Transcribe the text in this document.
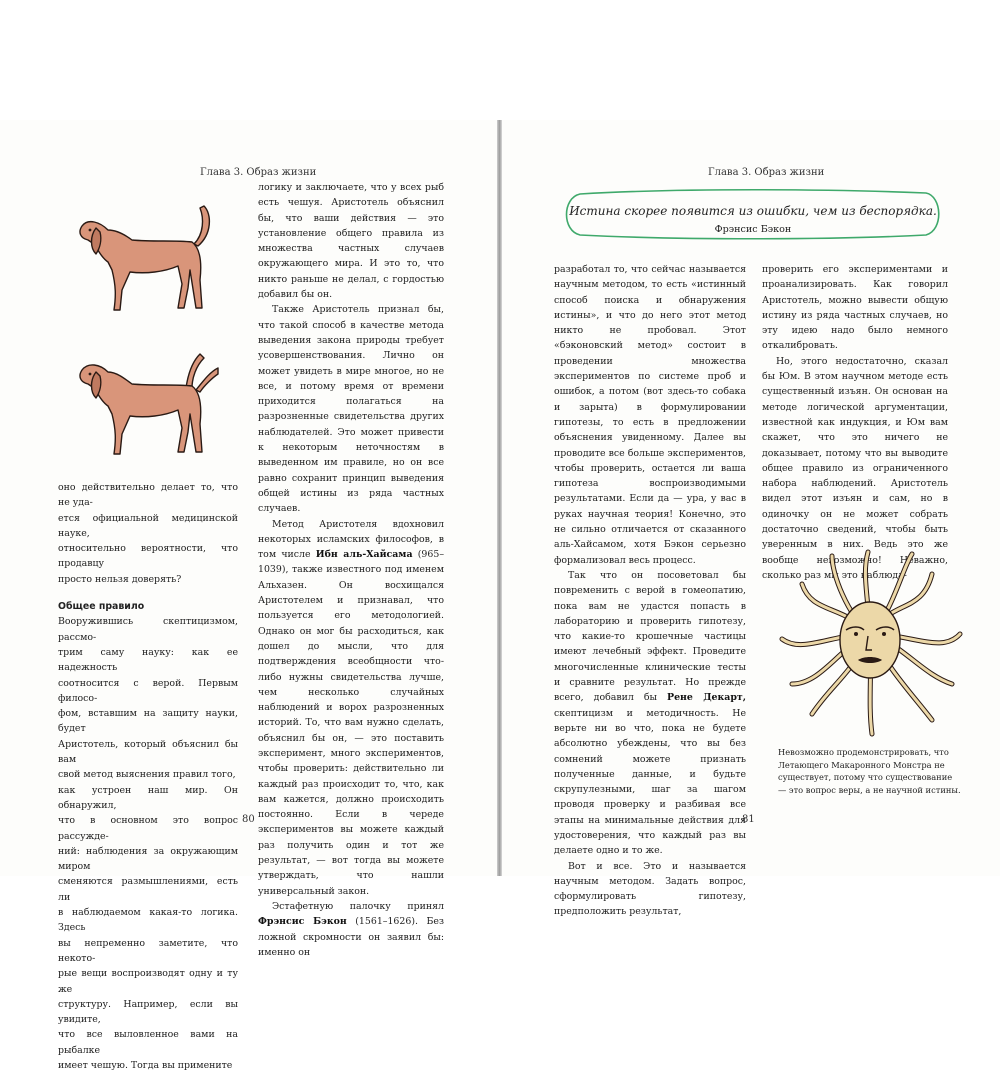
Глава 3. Образ жизни
оно действительно делает то, что не уда-
ется официальной медицинской науке,
относительно вероятности, что продавцу
просто нельзя доверять?
Общее правило
Вооружившись скептицизмом, рассмо-
трим саму науку: как ее надежность
соотносится с верой. Первым филосо-
фом, вставшим на защиту науки, будет
Аристотель, который объяснил бы вам
свой метод выяснения правил того,
как устроен наш мир. Он обнаружил,
что в основном это вопрос рассужде-
ний: наблюдения за окружающим миром
сменяются размышлениями, есть ли
в наблюдаемом какая-то логика. Здесь
вы непременно заметите, что некото-
рые вещи воспроизводят одну и ту же
структуру. Например, если вы увидите,
что все выловленное вами на рыбалке
имеет чешую. Тогда вы примените

логику и заключаете, что у всех рыб есть чешуя. Аристотель объяснил бы, что ваши действия — это установление общего правила из множества частных случаев окружающего мира. И это то, что никто раньше не делал, с гордостью добавил бы он.

Также Аристотель признал бы, что такой способ в качестве метода выведения закона природы требует усовершенствования. Лично он может увидеть в мире многое, но не все, и потому время от времени приходится полагаться на разрозненные свидетельства других наблюдателей. Это может привести к некоторым неточностям в выведенном им правиле, но он все равно сохранит принцип выведения общей истины из ряда частных случаев.

Метод Аристотеля вдохновил некоторых исламских философов, в том числе Ибн аль-Хайсама (965–1039), также известного под именем Альхазен. Он восхищался Аристотелем и признавал, что пользуется его методологией. Однако он мог бы расходиться, как дошел до мысли, что для подтверждения всеобщности что-либо нужны свидетельства лучше, чем несколько случайных наблюдений и ворох разрозненных историй. То, что вам нужно сделать, объяснил бы он, — это поставить эксперимент, много экспериментов, чтобы проверить: действительно ли каждый раз происходит то, что, как вам кажется, должно происходить постоянно. Если в череде экспериментов вы можете каждый раз получить один и тот же результат, — вот тогда вы можете утверждать, что нашли универсальный закон.

Эстафетную палочку принял Фрэнсис Бэкон (1561–1626). Без ложной скромности он заявил бы: именно он

80
Глава 3. Образ жизни
Истина скорее появится из ошибки, чем из беспорядка.
Фрэнсис Бэкон

разработал то, что сейчас называется научным методом, то есть «истинный способ поиска и обнаружения истины», и что до него этот метод никто не пробовал. Этот «бэконовский метод» состоит в проведении множества экспериментов по системе проб и ошибок, а потом (вот здесь-то собака и зарыта) в формулировании гипотезы, то есть в предложении объяснения увиденному. Далее вы проводите все больше экспериментов, чтобы проверить, остается ли ваша гипотеза воспроизводимыми результатами. Если да — ура, у вас в руках научная теория! Конечно, это не сильно отличается от сказанного аль-Хайсамом, хотя Бэкон серьезно формализовал весь процесс.

Так что он посоветовал бы повременить с верой в гомеопатию, пока вам не удастся попасть в лабораторию и проверить гипотезу, что какие-то крошечные частицы имеют лечебный эффект. Проведите многочисленные клинические тесты и сравните результат. Но прежде всего, добавил бы Рене Декарт, скептицизм и методичность. Не верьте ни во что, пока не будете абсолютно убеждены, что вы без сомнений можете признать полученные данные, и будьте скрупулезными, шаг за шагом проводя проверку и разбивая все этапы на минимальные действия для удостоверения, что каждый раз вы делаете одно и то же.

Вот и все. Это и называется научным методом. Задать вопрос, сформулировать гипотезу, предположить результат,

проверить его экспериментами и проанализировать. Как говорил Аристотель, можно вывести общую истину из ряда частных случаев, но эту идею надо было немного откалибровать.

Но, этого недостаточно, сказал бы Юм. В этом научном методе есть существенный изъян. Он основан на методе логической аргументации, известной как индукция, и Юм вам скажет, что это ничего не доказывает, потому что вы выводите общее правило из ограниченного набора наблюдений. Аристотель видел этот изъян и сам, но в одиночку он не может собрать достаточно сведений, чтобы быть уверенным в них. Ведь это же вообще невозможно! Неважно, сколько раз мы это наблюда-

Невозможно продемонстрировать, что Летающего Макаронного Монстра не существует, потому что существование — это вопрос веры, а не научной истины.
81
